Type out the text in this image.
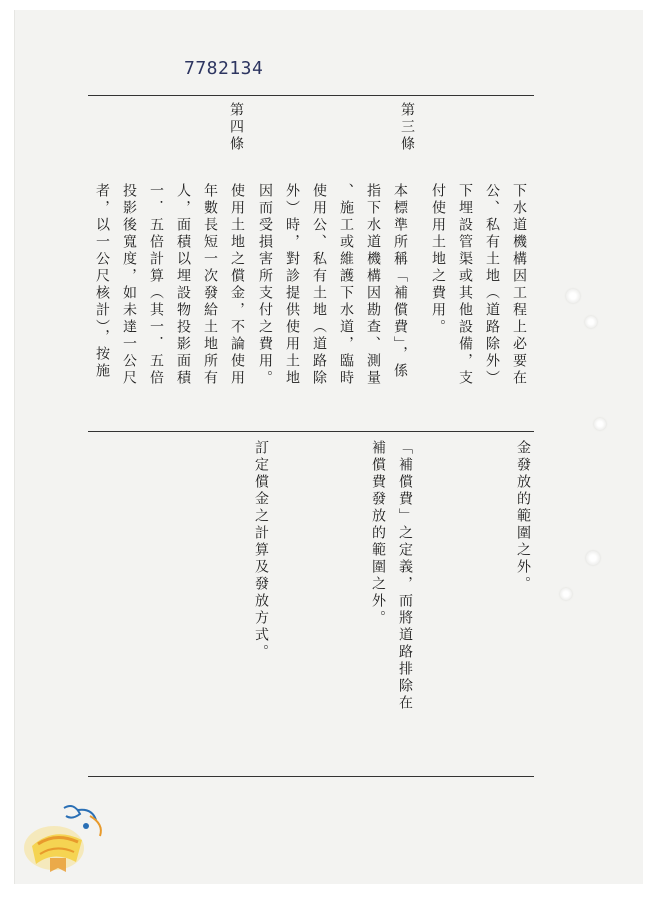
7782134
第三條
下水道機構因工程上必要在
公、私有土地（道路除外）
下埋設管渠或其他設備，支
付使用土地之費用。
本標準所稱「補償費」，係
指下水道機構因勘查、測量
、施工或維護下水道，臨時
使用公、私有土地（道路除
外）時，對診提供使用土地
因而受損害所支付之費用。
金發放的範圍之外。
「補償費」之定義，而將道路排除在
補償費發放的範圍之外。
第四條
使用土地之償金，不論使用
年數長短一次發給土地所有
人，面積以埋設物投影面積
一．五倍計算（其一．五倍
投影後寬度，如未達一公尺
者，以一公尺核計），按施
訂定償金之計算及發放方式。
